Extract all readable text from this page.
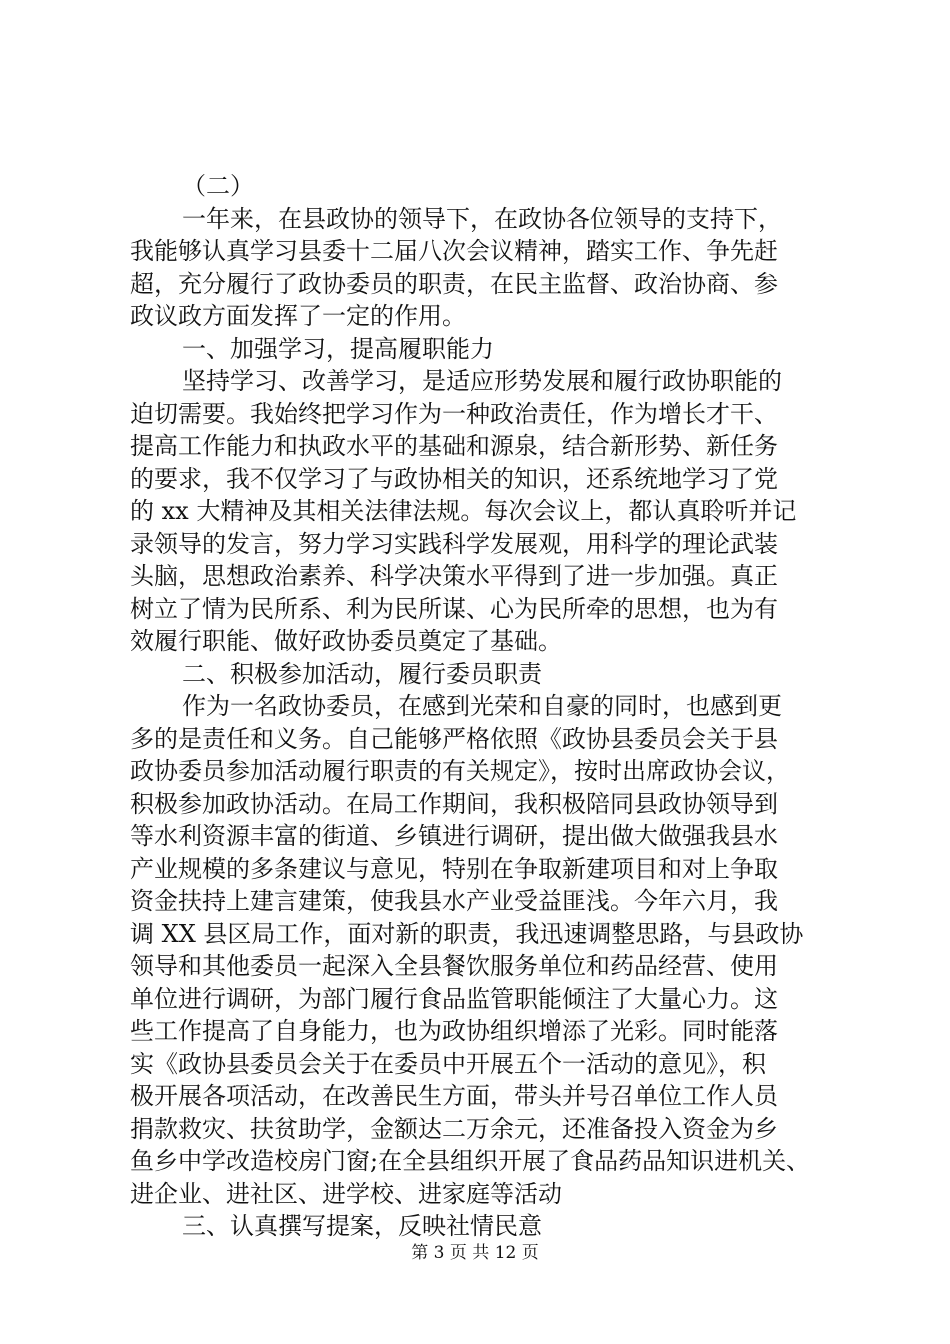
（二）
一年来，在县政协的领导下，在政协各位领导的支持下，
我能够认真学习县委十二届八次会议精神，踏实工作、争先赶
超，充分履行了政协委员的职责，在民主监督、政治协商、参
政议政方面发挥了一定的作用。
一、加强学习，提高履职能力
坚持学习、改善学习，是适应形势发展和履行政协职能的
迫切需要。我始终把学习作为一种政治责任，作为增长才干、
提高工作能力和执政水平的基础和源泉，结合新形势、新任务
的要求，我不仅学习了与政协相关的知识，还系统地学习了党
的 xx 大精神及其相关法律法规。每次会议上，都认真聆听并记
录领导的发言，努力学习实践科学发展观，用科学的理论武装
头脑，思想政治素养、科学决策水平得到了进一步加强。真正
树立了情为民所系、利为民所谋、心为民所牵的思想，也为有
效履行职能、做好政协委员奠定了基础。
二、积极参加活动，履行委员职责
作为一名政协委员，在感到光荣和自豪的同时，也感到更
多的是责任和义务。自己能够严格依照《政协县委员会关于县
政协委员参加活动履行职责的有关规定》，按时出席政协会议，
积极参加政协活动。在局工作期间，我积极陪同县政协领导到
等水利资源丰富的街道、乡镇进行调研，提出做大做强我县水
产业规模的多条建议与意见，特别在争取新建项目和对上争取
资金扶持上建言建策，使我县水产业受益匪浅。今年六月，我
调 XX 县区局工作，面对新的职责，我迅速调整思路，与县政协
领导和其他委员一起深入全县餐饮服务单位和药品经营、使用
单位进行调研，为部门履行食品监管职能倾注了大量心力。这
些工作提高了自身能力，也为政协组织增添了光彩。同时能落
实《政协县委员会关于在委员中开展五个一活动的意见》，积
极开展各项活动，在改善民生方面，带头并号召单位工作人员
捐款救灾、扶贫助学，金额达二万余元，还准备投入资金为乡
鱼乡中学改造校房门窗;在全县组织开展了食品药品知识进机关、
进企业、进社区、进学校、进家庭等活动
三、认真撰写提案，反映社情民意
第 3 页 共 12 页
